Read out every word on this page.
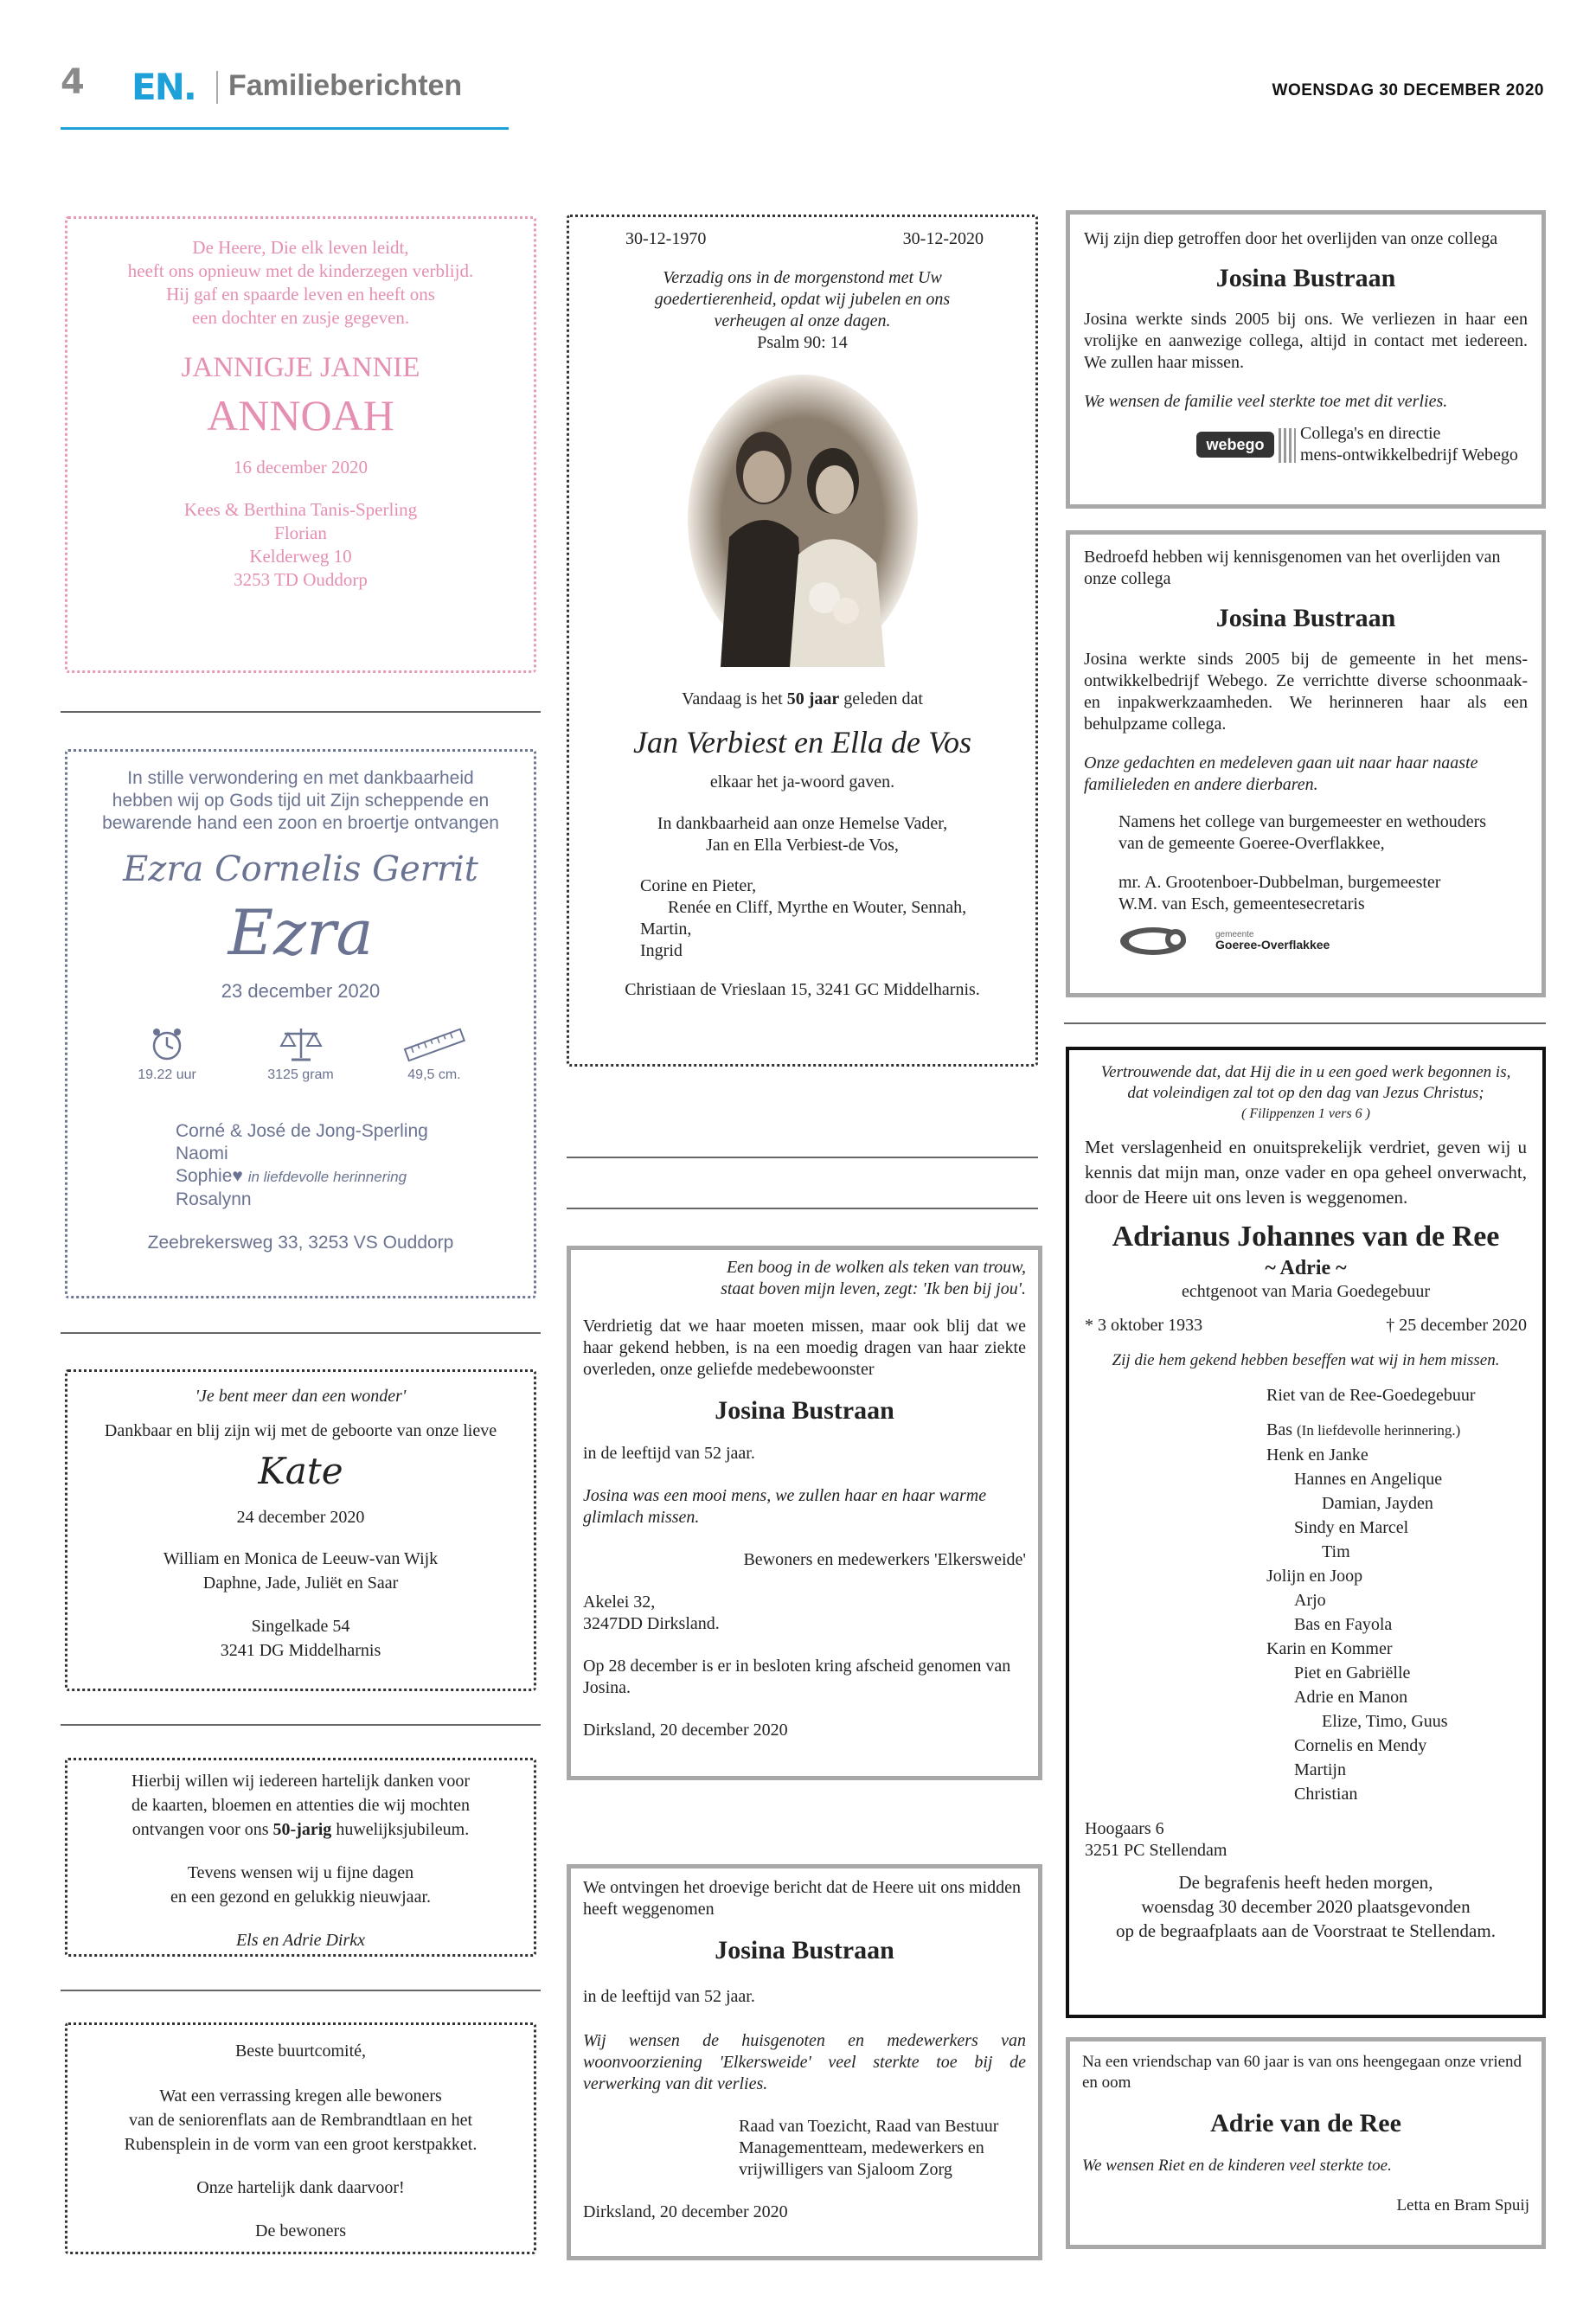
4 EN. Familieberichten	WOENSDAG 30 DECEMBER 2020

De Heere, Die elk leven leidt,

heeft ons opnieuw met de kinderzegen verblijd.

Hij gaf en spaarde leven en heeft ons

een dochter en zusje gegeven.

JANNIGJE JANNIE

ANNOAH

16 december 2020

Kees & Berthina Tanis-Sperling

Florian

Kelderweg 10

3253 TD Ouddorp

In stille verwondering en met dankbaarheid

hebben wij op Gods tijd uit Zijn scheppende en

bewarende hand een zoon en broertje ontvangen

Ezra Cornelis Gerrit

Ezra

23 december 2020

19.22 uur

	3125 gram

	49,5 cm.

Corné & José de Jong-Sperling

Naomi

Sophie♥ in liefdevolle herinnering

Rosalynn

Zeebrekersweg 33, 3253 VS Ouddorp

'Je bent meer dan een wonder'

Dankbaar en blij zijn wij met de geboorte van onze lieve

Kate

24 december 2020

William en Monica de Leeuw-van Wijk

Daphne, Jade, Juliët en Saar

Singelkade 54

3241 DG Middelharnis

Hierbij willen wij iedereen hartelijk danken voor

de kaarten, bloemen en attenties die wij mochten

ontvangen voor ons 50-jarig huwelijksjubileum.

Tevens wensen wij u fijne dagen

en een gezond en gelukkig nieuwjaar.

Els en Adrie Dirkx

Beste buurtcomité,

Wat een verrassing kregen alle bewoners

van de seniorenflats aan de Rembrandtlaan en het

Rubensplein in de vorm van een groot kerstpakket.

Onze hartelijk dank daarvoor!

De bewoners

30-12-1970	30-12-2020

Verzadig ons in de morgenstond met Uw

goedertierenheid, opdat wij jubelen en ons

verheugen al onze dagen.

Psalm 90: 14

Vandaag is het 50 jaar geleden dat

Jan Verbiest en Ella de Vos

elkaar het ja-woord gaven.

In dankbaarheid aan onze Hemelse Vader,

Jan en Ella Verbiest-de Vos,

Corine en Pieter,

Renée en Cliff, Myrthe en Wouter, Sennah,

Martin,

Ingrid

Christiaan de Vrieslaan 15, 3241 GC Middelharnis.

Een boog in de wolken als teken van trouw,

staat boven mijn leven, zegt: 'Ik ben bij jou'.

Verdrietig dat we haar moeten missen, maar ook blij dat we haar gekend hebben, is na een moedig dragen van haar ziekte overleden, onze geliefde medebewoonster

Josina Bustraan

in de leeftijd van 52 jaar.

Josina was een mooi mens, we zullen haar en haar warme glimlach missen.

Bewoners en medewerkers 'Elkersweide'

Akelei 32,

3247DD Dirksland.

Op 28 december is er in besloten kring afscheid genomen van Josina.

Dirksland, 20 december 2020

We ontvingen het droevige bericht dat de Heere uit ons midden heeft weggenomen

Josina Bustraan

in de leeftijd van 52 jaar.

Wij wensen de huisgenoten en medewerkers van woonvoorziening 'Elkersweide' veel sterkte toe bij de verwerking van dit verlies.

Raad van Toezicht, Raad van Bestuur

Managementteam, medewerkers en

vrijwilligers van Sjaloom Zorg

Dirksland, 20 december 2020

Wij zijn diep getroffen door het overlijden van onze collega

Josina Bustraan

Josina werkte sinds 2005 bij ons. We verliezen in haar een vrolijke en aanwezige collega, altijd in contact met iedereen. We zullen haar missen.

We wensen de familie veel sterkte toe met dit verlies.

webego

Collega's en directie

mens-ontwikkelbedrijf Webego

Bedroefd hebben wij kennisgenomen van het overlijden van onze collega

Josina Bustraan

Josina werkte sinds 2005 bij de gemeente in het mens-ontwikkelbedrijf Webego. Ze verrichtte diverse schoonmaak- en inpakwerkzaamheden. We herinneren haar als een behulpzame collega.

Onze gedachten en medeleven gaan uit naar haar naaste familieleden en andere dierbaren.

Namens het college van burgemeester en wethouders

van de gemeente Goeree-Overflakkee,

mr. A. Grootenboer-Dubbelman, burgemeester

W.M. van Esch, gemeentesecretaris

gemeente
Goeree-Overflakkee

Vertrouwende dat, dat Hij die in u een goed werk begonnen is,

dat voleindigen zal tot op den dag van Jezus Christus;

( Filippenzen 1 vers 6 )

Met verslagenheid en onuitsprekelijk verdriet, geven wij u kennis dat mijn man, onze vader en opa geheel onverwacht, door de Heere uit ons leven is weggenomen.

Adrianus Johannes van de Ree

~ Adrie ~

echtgenoot van Maria Goedegebuur

* 3 oktober 1933	† 25 december 2020

Zij die hem gekend hebben beseffen wat wij in hem missen.

Riet van de Ree-Goedegebuur

Bas (In liefdevolle herinnering.)

Henk en Janke

Hannes en Angelique

Damian, Jayden

Sindy en Marcel

Tim

Jolijn en Joop

Arjo

Bas en Fayola

Karin en Kommer

Piet en Gabriëlle

Adrie en Manon

Elize, Timo, Guus

Cornelis en Mendy

Martijn

Christian

Hoogaars 6

3251 PC Stellendam

De begrafenis heeft heden morgen,

woensdag 30 december 2020 plaatsgevonden

op de begraafplaats aan de Voorstraat te Stellendam.

Na een vriendschap van 60 jaar is van ons heengegaan onze vriend en oom

Adrie van de Ree

We wensen Riet en de kinderen veel sterkte toe.

Letta en Bram Spuij
